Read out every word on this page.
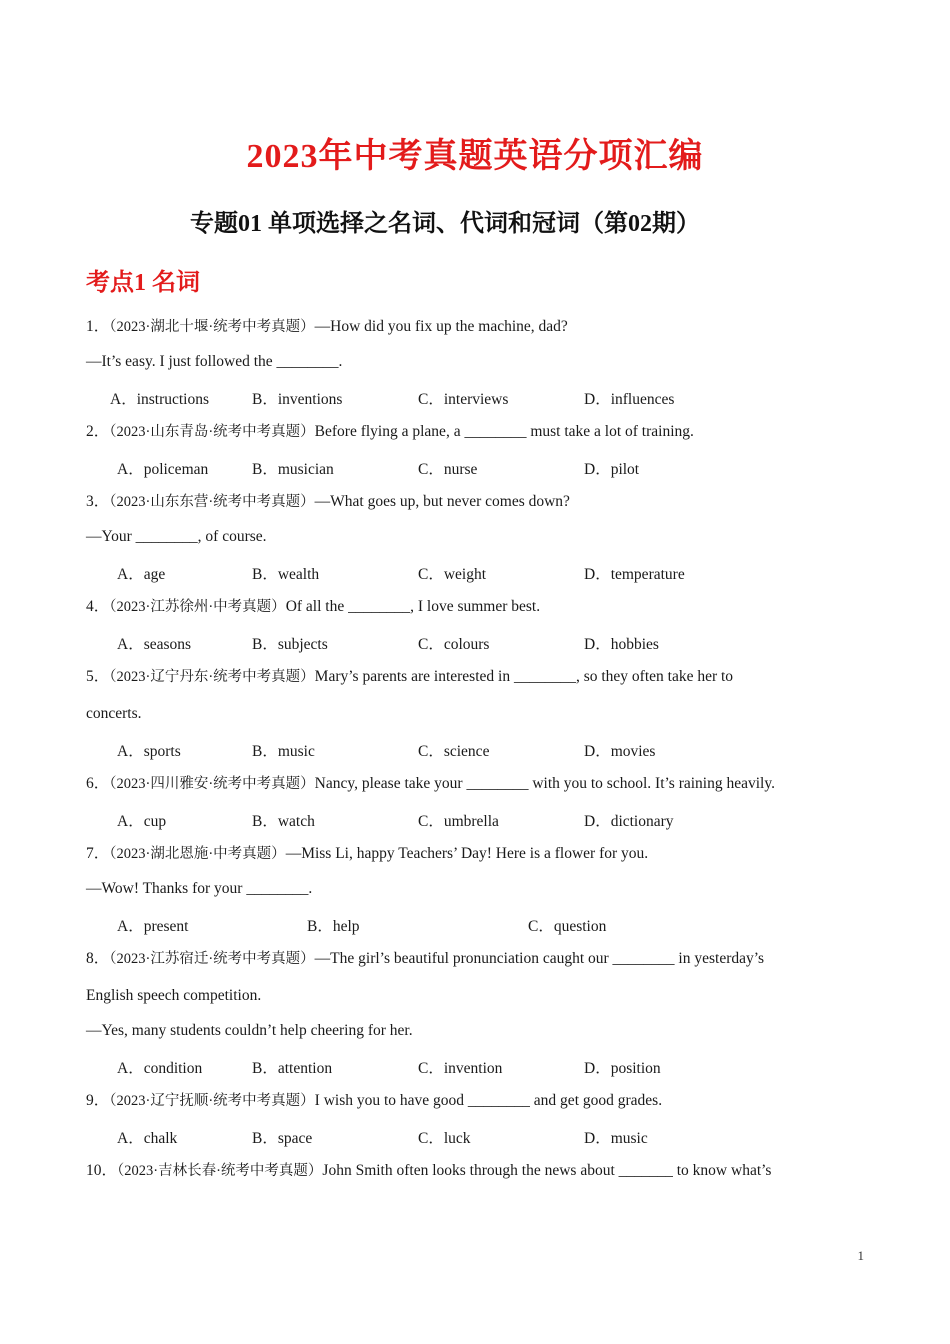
2023年中考真题英语分项汇编
专题01 单项选择之名词、代词和冠词（第02期）
考点1 名词
1．（2023·湖北十堰·统考中考真题）—How did you fix up the machine, dad?
—It’s easy. I just followed the ________.
A．instructions	B．inventions	C．interviews	D．influences
2．（2023·山东青岛·统考中考真题）Before flying a plane, a ________ must take a lot of training.
A．policeman	B．musician	C．nurse	D．pilot
3．（2023·山东东营·统考中考真题）—What goes up, but never comes down?
—Your ________, of course.
A．age	B．wealth	C．weight	D．temperature
4．（2023·江苏徐州·中考真题）Of all the ________, I love summer best.
A．seasons	B．subjects	C．colours	D．hobbies
5．（2023·辽宁丹东·统考中考真题）Mary’s parents are interested in ________, so they often take her to
concerts.
A．sports	B．music	C．science	D．movies
6．（2023·四川雅安·统考中考真题）Nancy, please take your ________ with you to school. It’s raining heavily.
A．cup	B．watch	C．umbrella	D．dictionary
7．（2023·湖北恩施·中考真题）—Miss Li, happy Teachers’ Day! Here is a flower for you.
—Wow! Thanks for your ________.
A．present	B．help	C．question
8．（2023·江苏宿迁·统考中考真题）—The girl’s beautiful pronunciation caught our ________ in yesterday’s
English speech competition.
—Yes, many students couldn’t help cheering for her.
A．condition	B．attention	C．invention	D．position
9．（2023·辽宁抚顺·统考中考真题）I wish you to have good ________ and get good grades.
A．chalk	B．space	C．luck	D．music
10．（2023·吉林长春·统考中考真题）John Smith often looks through the news about _______ to know what’s
1
